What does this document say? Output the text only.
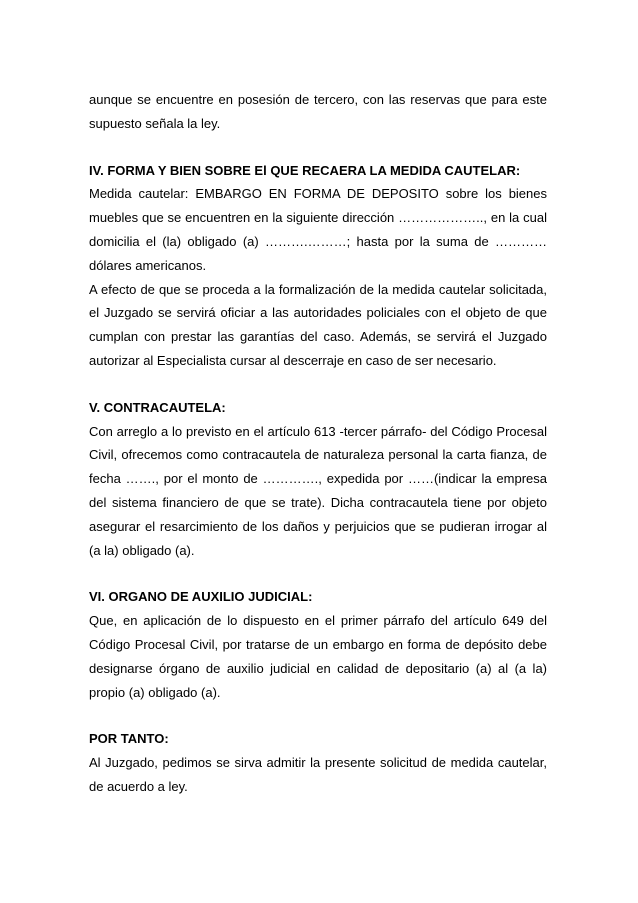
aunque se encuentre en posesión de tercero, con las reservas que para este supuesto señala la ley.

IV. FORMA Y BIEN SOBRE El QUE RECAERA LA MEDIDA CAUTELAR:

Medida cautelar: EMBARGO EN FORMA DE DEPOSITO sobre los bienes muebles que se encuentren en la siguiente dirección ……………….., en la cual domicilia el (la) obligado (a) ……….………; hasta por la suma de ………… dólares americanos.

A efecto de que se proceda a la formalización de la medida cautelar solicitada, el Juzgado se servirá oficiar a las autoridades policiales con el objeto de que cumplan con prestar las garantías del caso. Además, se servirá el Juzgado autorizar al Especialista cursar al descerraje en caso de ser necesario.

V. CONTRACAUTELA:

Con arreglo a lo previsto en el artículo 613 -tercer párrafo- del Código Procesal Civil, ofrecemos como contracautela de naturaleza personal la carta fianza, de fecha ……., por el monto de …………., expedida por ……(indicar la empresa del sistema financiero de que se trate). Dicha contracautela tiene por objeto asegurar el resarcimiento de los daños y perjuicios que se pudieran irrogar al (a la) obligado (a).

VI. ORGANO DE AUXILIO JUDICIAL:

Que, en aplicación de lo dispuesto en el primer párrafo del artículo 649 del Código Procesal Civil, por tratarse de un embargo en forma de depósito debe designarse órgano de auxilio judicial en calidad de depositario (a) al (a la) propio (a) obligado (a).

POR TANTO:

Al Juzgado, pedimos se sirva admitir la presente solicitud de medida cautelar, de acuerdo a ley.
